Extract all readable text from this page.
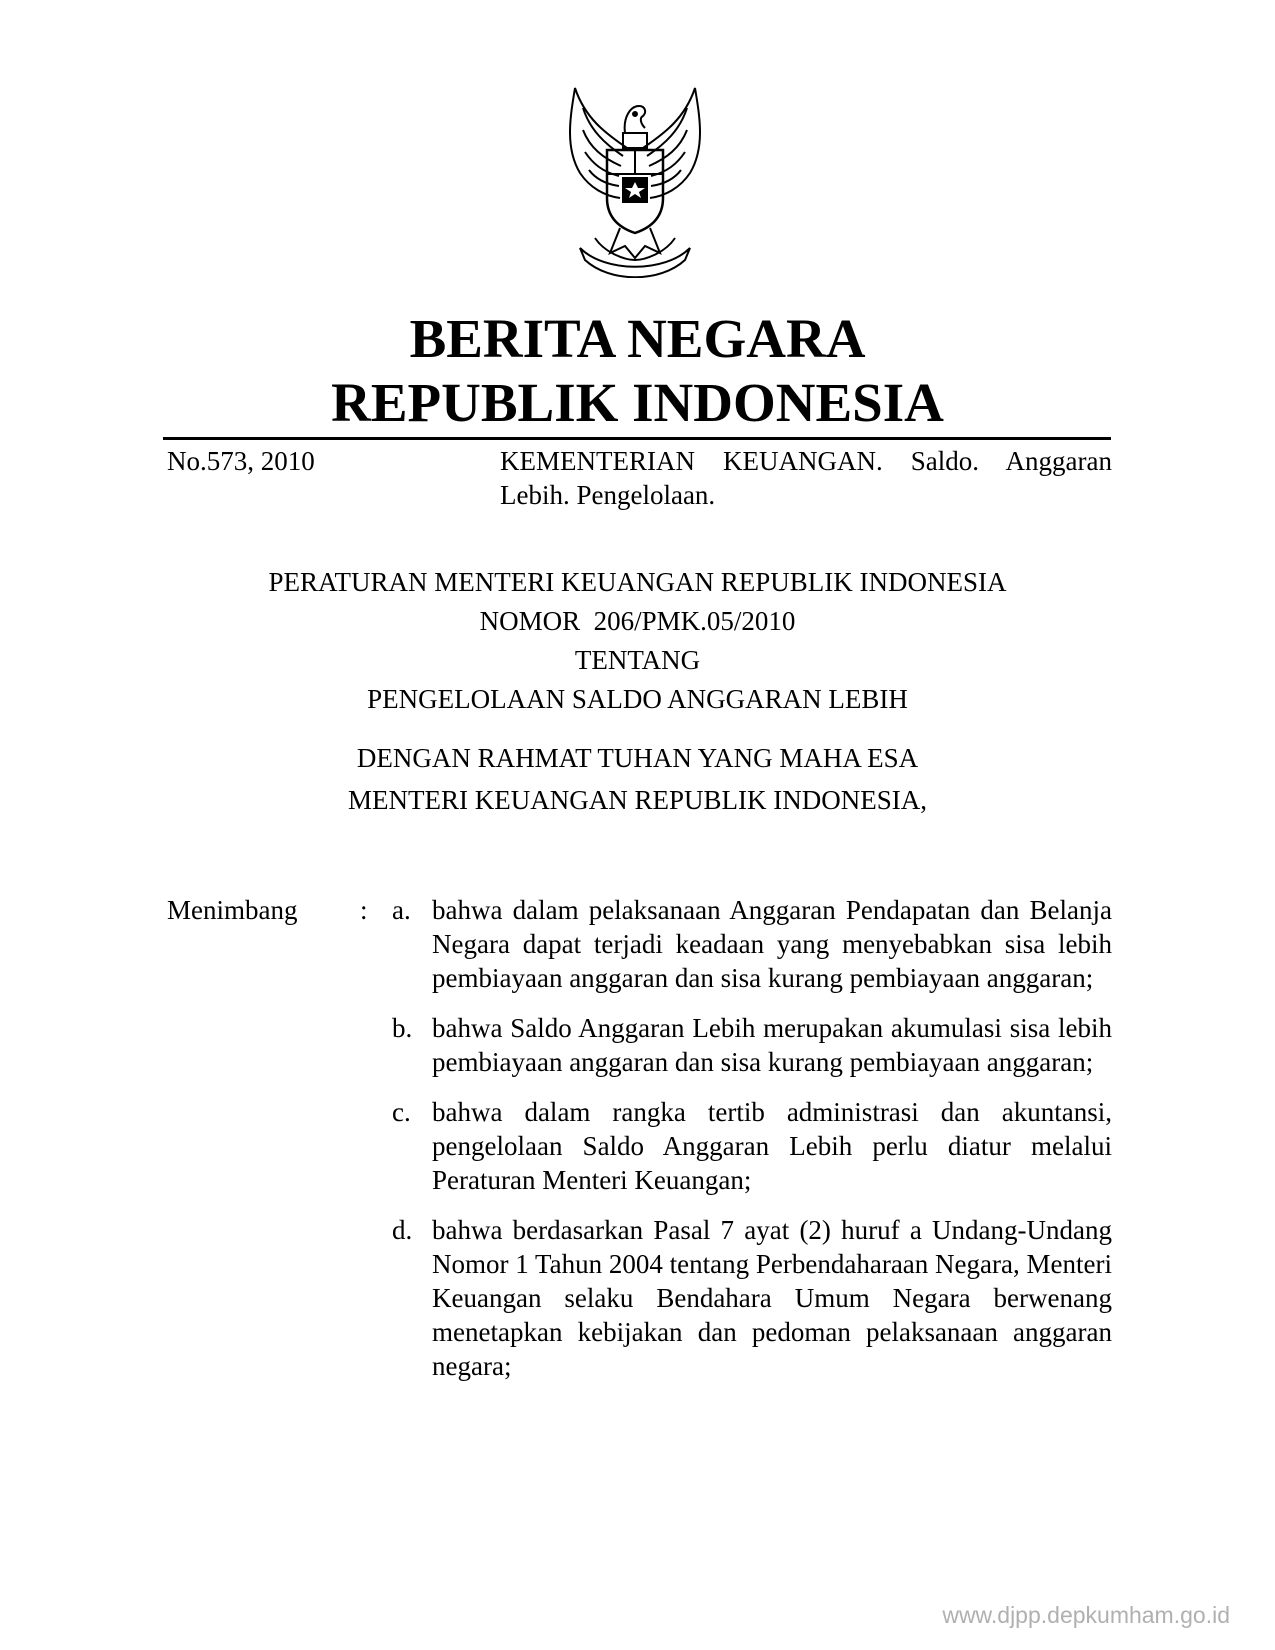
BERITA NEGARA
REPUBLIK INDONESIA
No.573, 2010	KEMENTERIAN KEUANGAN. Saldo. Anggaran
Lebih. Pengelolaan.
PERATURAN MENTERI KEUANGAN REPUBLIK INDONESIA
NOMOR  206/PMK.05/2010
TENTANG
PENGELOLAAN SALDO ANGGARAN LEBIH
DENGAN RAHMAT TUHAN YANG MAHA ESA
MENTERI KEUANGAN REPUBLIK INDONESIA,
Menimbang : a. bahwa dalam pelaksanaan Anggaran Pendapatan dan Belanja Negara dapat terjadi keadaan yang menyebabkan sisa lebih pembiayaan anggaran dan sisa kurang pembiayaan anggaran;
b. bahwa Saldo Anggaran Lebih merupakan akumulasi sisa lebih pembiayaan anggaran dan sisa kurang pembiayaan anggaran;
c. bahwa dalam rangka tertib administrasi dan akuntansi, pengelolaan Saldo Anggaran Lebih perlu diatur melalui Peraturan Menteri Keuangan;
d. bahwa berdasarkan Pasal 7 ayat (2) huruf a Undang-Undang Nomor 1 Tahun 2004 tentang Perbendaharaan Negara, Menteri Keuangan selaku Bendahara Umum Negara berwenang menetapkan kebijakan dan pedoman pelaksanaan anggaran negara;
www.djpp.depkumham.go.id
